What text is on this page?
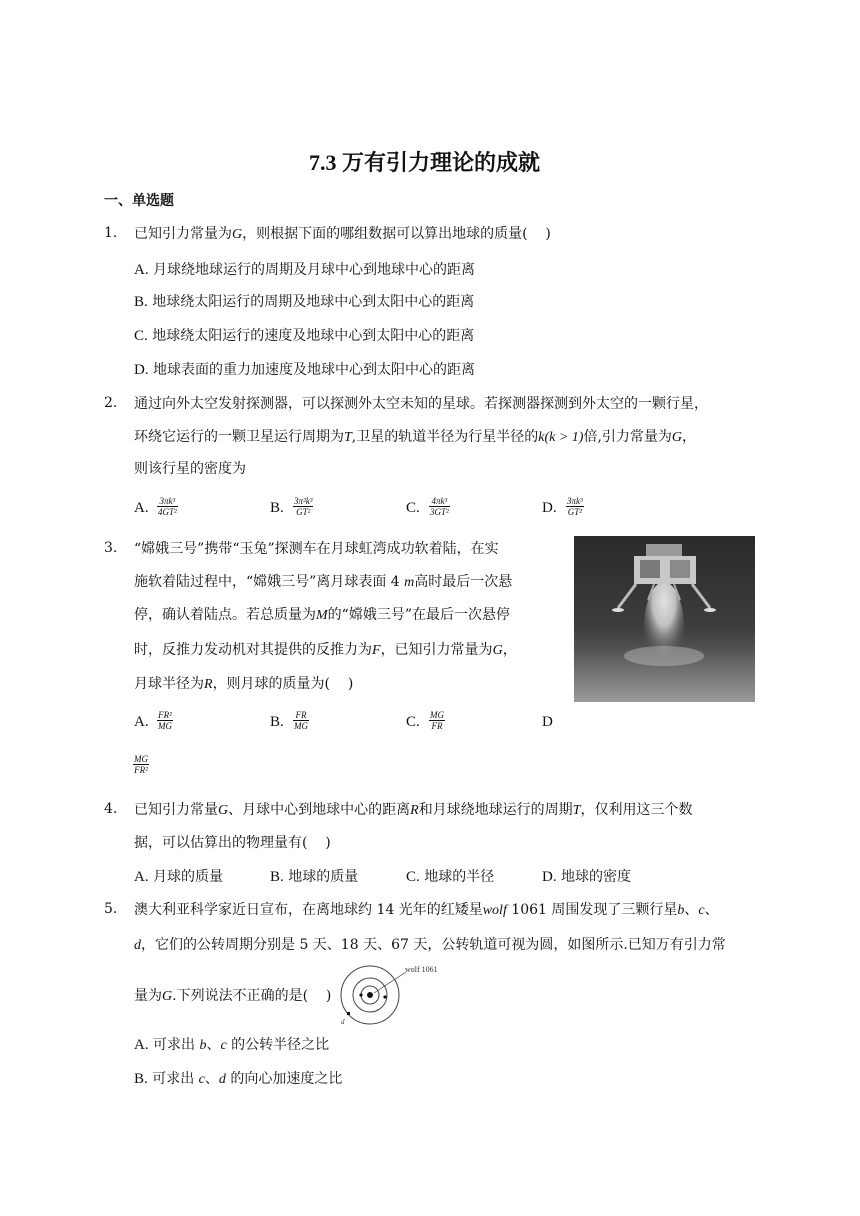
7.3 万有引力理论的成就
一、单选题
1. 已知引力常量为G，则根据下面的哪组数据可以算出地球的质量(    )
A. 月球绕地球运行的周期及月球中心到地球中心的距离
B. 地球绕太阳运行的周期及地球中心到太阳中心的距离
C. 地球绕太阳运行的速度及地球中心到太阳中心的距离
D. 地球表面的重力加速度及地球中心到太阳中心的距离
2. 通过向外太空发射探测器，可以探测外太空未知的星球。若探测器探测到外太空的一颗行星，
环绕它运行的一颗卫星运行周期为T,卫星的轨道半径为行星半径的k(k > 1)倍,引力常量为G，
则该行星的密度为
A. $\frac{\text{3πk³}}{\text{4GT²}}$	B. $\frac{\text{3π²k³}}{\text{GT²}}$	C. $\frac{\text{4πk³}}{\text{3GT²}}$	D. $\frac{\text{3πk³}}{\text{GT²}}$
3. “嫦娥三号”携带“玉兔”探测车在月球虹湾成功软着陆，在实
施软着陆过程中，“嫦娥三号”离月球表面 4 m高时最后一次悬
停，确认着陆点。若总质量为M的“嫦娥三号”在最后一次悬停
时，反推力发动机对其提供的反推力为F，已知引力常量为G，
月球半径为R，则月球的质量为(    )
A. $\frac{\text{FR²}}{MG}$	B. $\frac{FR}{MG}$	C. $\frac{MG}{FR}$	D
$\frac{MG}{\text{FR²}}$
4. 已知引力常量G、月球中心到地球中心的距离R和月球绕地球运行的周期T，仅利用这三个数
据，可以估算出的物理量有(    )
A. 月球的质量	B. 地球的质量	C. 地球的半径	D. 地球的密度
5. 澳大利亚科学家近日宣布，在离地球约 14 光年的红矮星wolf 1061 周围发现了三颗行星b、c、
d，它们的公转周期分别是 5 天、18 天、67 天，公转轨道可视为圆，如图所示.已知万有引力常
量为G.下列说法不正确的是(    )
wolf 1061
d
A. 可求出 b、c 的公转半径之比
B. 可求出 c、d 的向心加速度之比
